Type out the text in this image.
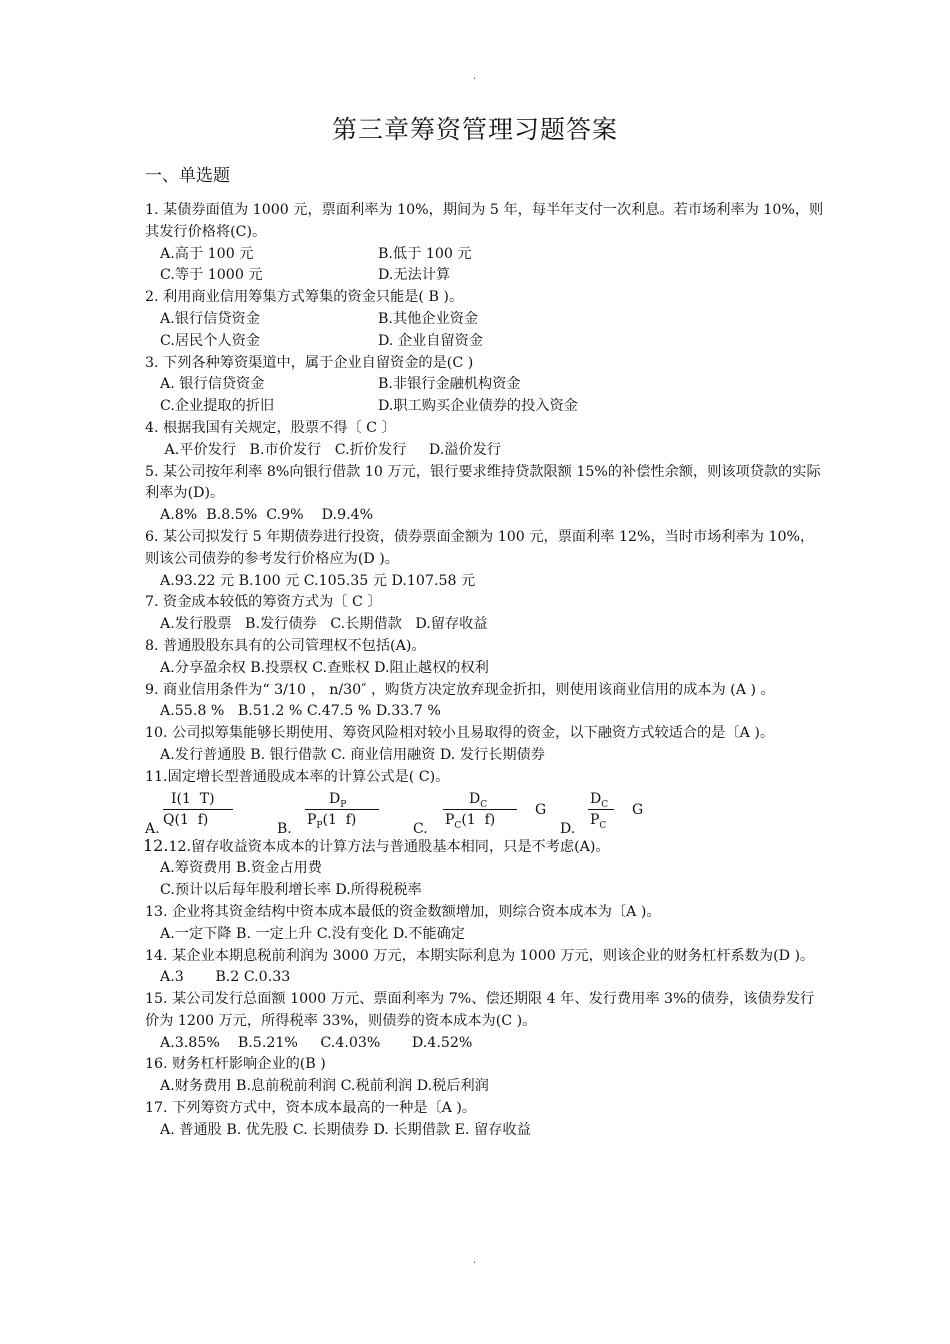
·
第三章筹资管理习题答案
一、单选题

1. 某债券面值为 1000 元，票面利率为 10%，期间为 5 年，每半年支付一次利息。若市场利率为 10%，则其发行价格将(C)。

A.高于 100 元	B.低于 100 元
C.等于 1000 元	D.无法计算

2. 利用商业信用筹集方式筹集的资金只能是( B )。

A.银行信贷资金	B.其他企业资金
C.居民个人资金	D. 企业自留资金

3. 下列各种筹资渠道中，属于企业自留资金的是(C )

A. 银行信贷资金	B.非银行金融机构资金
C.企业提取的折旧	D.职工购买企业债券的投入资金

4. 根据我国有关规定，股票不得〔 C 〕

A.平价发行   B.市价发行   C.折价发行     D.溢价发行

5. 某公司按年利率 8%向银行借款 10 万元，银行要求维持贷款限额 15%的补偿性余额，则该项贷款的实际利率为(D)。

A.8%  B.8.5%  C.9%    D.9.4%

6. 某公司拟发行 5 年期债券进行投资，债券票面金额为 100 元，票面利率 12%，当时市场利率为 10%，则该公司债券的参考发行价格应为(D )。

A.93.22 元 B.100 元 C.105.35 元 D.107.58 元

7. 资金成本较低的筹资方式为〔 C 〕

A.发行股票   B.发行债券   C.长期借款   D.留存收益

8. 普通股股东具有的公司管理权不包括(A)。

A.分享盈余权 B.投票权 C.查账权 D.阻止越权的权利

9. 商业信用条件为“ 3/10 ， n/30″ ，购货方决定放弃现金折扣，则使用该商业信用的成本为 (A ) 。

A.55.8 %   B.51.2 % C.47.5 % D.33.7 %

10. 公司拟筹集能够长期使用、筹资风险相对较小且易取得的资金，以下融资方式较适合的是〔A )。

A.发行普通股 B. 银行借款 C. 商业信用融资 D. 发行长期债券

11.固定增长型普通股成本率的计算公式是( C)。

I(1  T)
Q(1  f)
A.
$D_P$
$P_P(1$  f)
B.
$D_C$
$P_C(1$  f)
G
C.
$D_C$
$P_C$
G
D.

12.12.留存收益资本成本的计算方法与普通股基本相同，只是不考虑(A)。

A.筹资费用 B.资金占用费

C.预计以后每年股利增长率 D.所得税税率

13. 企业将其资金结构中资本成本最低的资金数额增加，则综合资本成本为〔A )。

A.一定下降 B. 一定上升 C.没有变化 D.不能确定

14. 某企业本期息税前利润为 3000 万元，本期实际利息为 1000 万元，则该企业的财务杠杆系数为(D )。

A.3       B.2 C.0.33

15. 某公司发行总面额 1000 万元、票面利率为 7%、偿还期限 4 年、发行费用率 3%的债券，该债券发行价为 1200 万元，所得税率 33%，则债券的资本成本为(C )。

A.3.85%    B.5.21%     C.4.03%       D.4.52%

16. 财务杠杆影响企业的(B )

A.财务费用 B.息前税前利润 C.税前利润 D.税后利润

17. 下列筹资方式中，资本成本最高的一种是〔A )。

A. 普通股 B. 优先股 C. 长期债券 D. 长期借款 E. 留存收益

·
